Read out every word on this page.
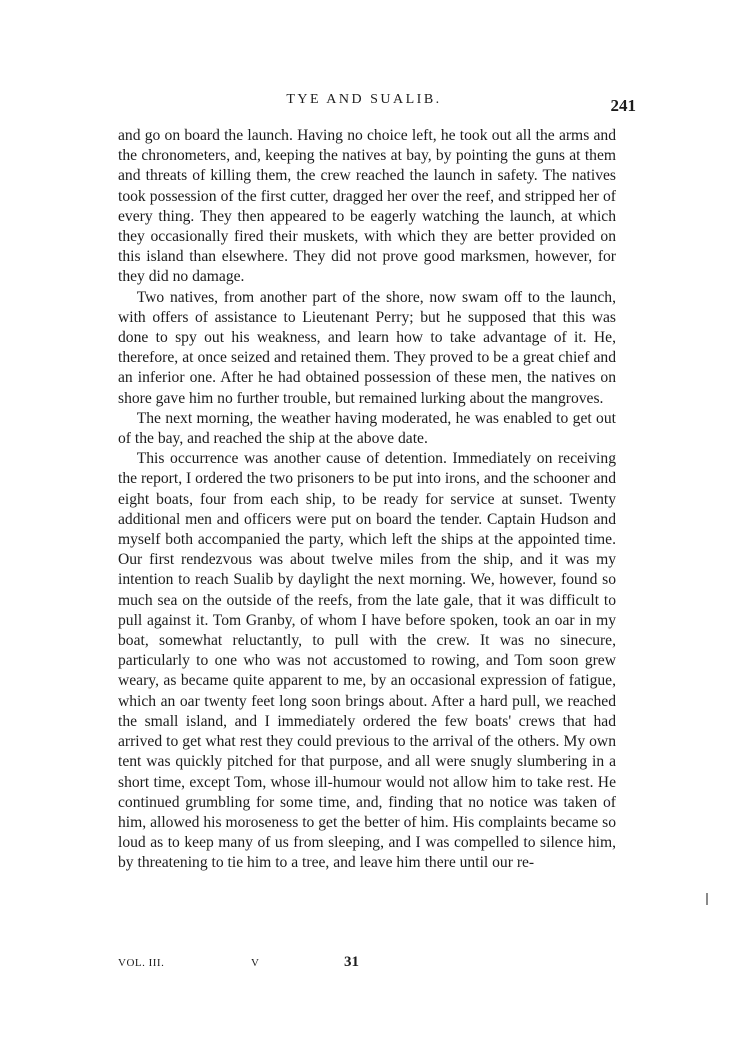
TYE AND SUALIB.	241

and go on board the launch. Having no choice left, he took out all the arms and the chronometers, and, keeping the natives at bay, by pointing the guns at them and threats of killing them, the crew reached the launch in safety. The natives took possession of the first cutter, dragged her over the reef, and stripped her of every thing. They then appeared to be eagerly watching the launch, at which they occasionally fired their muskets, with which they are better provided on this island than elsewhere. They did not prove good marksmen, however, for they did no damage.

Two natives, from another part of the shore, now swam off to the launch, with offers of assistance to Lieutenant Perry; but he supposed that this was done to spy out his weakness, and learn how to take advantage of it. He, therefore, at once seized and retained them. They proved to be a great chief and an inferior one. After he had obtained possession of these men, the natives on shore gave him no further trouble, but remained lurking about the mangroves.

The next morning, the weather having moderated, he was enabled to get out of the bay, and reached the ship at the above date.

This occurrence was another cause of detention. Immediately on receiving the report, I ordered the two prisoners to be put into irons, and the schooner and eight boats, four from each ship, to be ready for service at sunset. Twenty additional men and officers were put on board the tender. Captain Hudson and myself both accompanied the party, which left the ships at the appointed time. Our first rendezvous was about twelve miles from the ship, and it was my intention to reach Sualib by daylight the next morning. We, however, found so much sea on the outside of the reefs, from the late gale, that it was difficult to pull against it. Tom Granby, of whom I have before spoken, took an oar in my boat, somewhat reluctantly, to pull with the crew. It was no sinecure, particularly to one who was not accustomed to rowing, and Tom soon grew weary, as became quite apparent to me, by an occasional expression of fatigue, which an oar twenty feet long soon brings about. After a hard pull, we reached the small island, and I immediately ordered the few boats' crews that had arrived to get what rest they could previous to the arrival of the others. My own tent was quickly pitched for that purpose, and all were snugly slumbering in a short time, except Tom, whose ill-humour would not allow him to take rest. He continued grumbling for some time, and, finding that no notice was taken of him, allowed his moroseness to get the better of him. His complaints became so loud as to keep many of us from sleeping, and I was compelled to silence him, by threatening to tie him to a tree, and leave him there until our re-

VOL. III.	V	31
